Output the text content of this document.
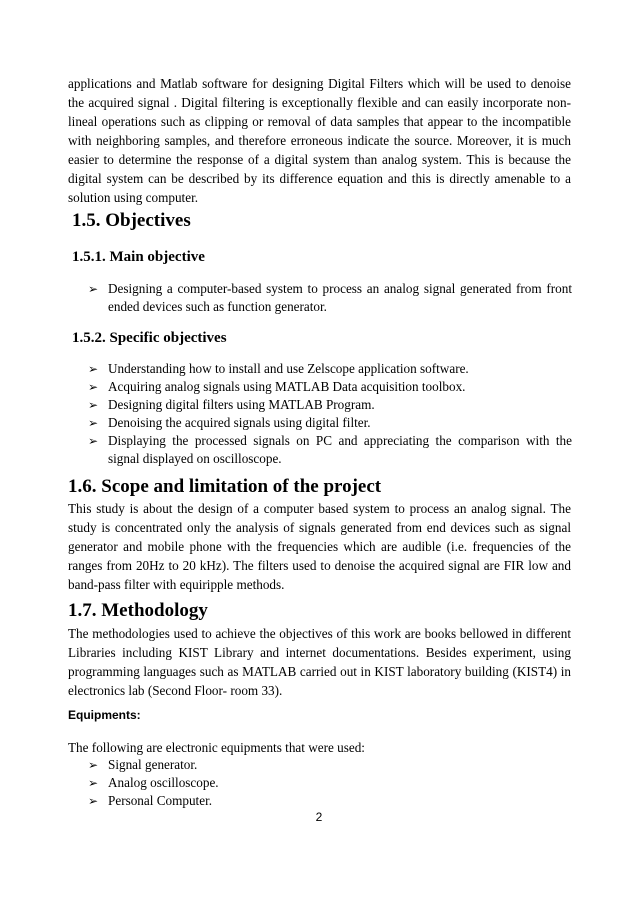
applications and Matlab software for designing Digital Filters which will be used to denoise the acquired signal . Digital filtering is exceptionally flexible and can easily incorporate non-lineal operations such as clipping or removal of data samples that appear to the incompatible with neighboring samples, and therefore erroneous indicate the source. Moreover, it is much easier to determine the response of a digital system than analog system. This is because the digital system can be described by its difference equation and this is directly amenable to a solution using computer.

1.5. Objectives
1.5.1. Main objective
➢ Designing a computer-based system to process an analog signal generated from front ended devices such as function generator.
1.5.2. Specific objectives
➢ Understanding how to install and use Zelscope application software.
➢ Acquiring analog signals using MATLAB Data acquisition toolbox.
➢ Designing digital filters using MATLAB Program.
➢ Denoising the acquired signals using digital filter.
➢ Displaying the processed signals on PC and appreciating the comparison with the signal displayed on oscilloscope.
1.6. Scope and limitation of the project

This study is about the design of a computer based system to process an analog signal. The study is concentrated only the analysis of signals generated from end devices such as signal generator and mobile phone with the frequencies which are audible (i.e. frequencies of the ranges from 20Hz to 20 kHz). The filters used to denoise the acquired signal are FIR low and band-pass filter with equiripple methods.

1.7. Methodology

The methodologies used to achieve the objectives of this work are books bellowed in different Libraries including KIST Library and internet documentations. Besides experiment, using programming languages such as MATLAB carried out in KIST laboratory building (KIST4) in electronics lab (Second Floor- room 33).

Equipments:

The following are electronic equipments that were used:

➢ Signal generator.
➢ Analog oscilloscope.
➢ Personal Computer.
2
